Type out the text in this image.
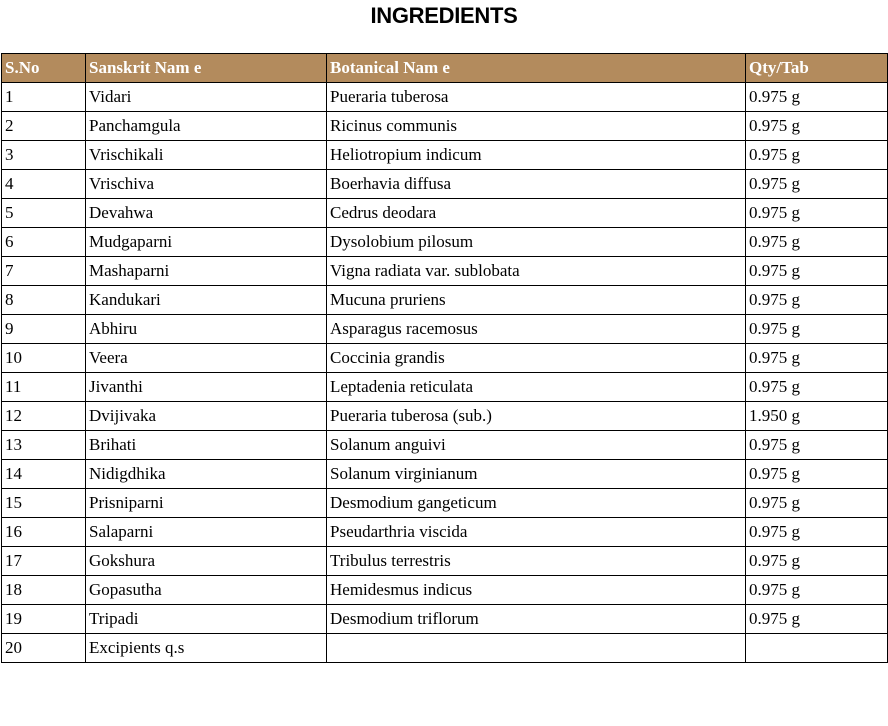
INGREDIENTS
S.No	Sanskrit Nam e	Botanical Nam e	Qty/Tab
1	Vidari	Pueraria tuberosa	0.975 g
2	Panchamgula	Ricinus communis	0.975 g
3	Vrischikali	Heliotropium indicum	0.975 g
4	Vrischiva	Boerhavia diffusa	0.975 g
5	Devahwa	Cedrus deodara	0.975 g
6	Mudgaparni	Dysolobium pilosum	0.975 g
7	Mashaparni	Vigna radiata var. sublobata	0.975 g
8	Kandukari	Mucuna pruriens	0.975 g
9	Abhiru	Asparagus racemosus	0.975 g
10	Veera	Coccinia grandis	0.975 g
11	Jivanthi	Leptadenia reticulata	0.975 g
12	Dvijivaka	Pueraria tuberosa (sub.)	1.950 g
13	Brihati	Solanum anguivi	0.975 g
14	Nidigdhika	Solanum virginianum	0.975 g
15	Prisniparni	Desmodium gangeticum	0.975 g
16	Salaparni	Pseudarthria viscida	0.975 g
17	Gokshura	Tribulus terrestris	0.975 g
18	Gopasutha	Hemidesmus indicus	0.975 g
19	Tripadi	Desmodium triflorum	0.975 g
20	Excipients q.s		
